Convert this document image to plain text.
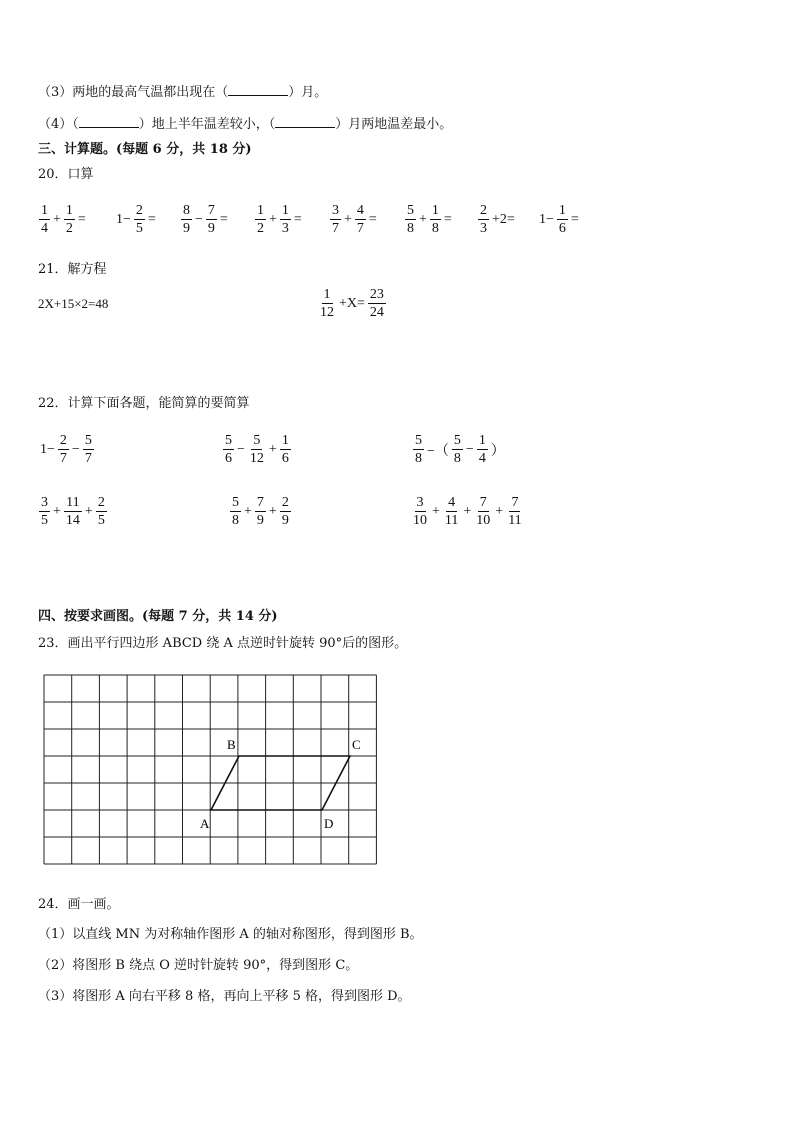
（3）两地的最高气温都出现在（	）月。
（4）（	）地上半年温差较小，（	）月两地温差最小。
三、计算题。(每题 6 分，共 18 分)
20．口算
$\frac{1}{4} + \frac{1}{2} = 1- \frac{2}{5} = \frac{8}{9} - \frac{7}{9} = \frac{1}{2} + \frac{1}{3} = \frac{3}{7} + \frac{4}{7} = \frac{5}{8} + \frac{1}{8} = \frac{2}{3} +2= 1- \frac{1}{6}$ =
21．解方程
2X+15×2=48	$\frac{1}{12} +X= \frac{23}{24}$
22．计算下面各题，能简算的要简算
$1- \frac{2}{7} - \frac{5}{7}$	$\frac{5}{6} - \frac{5}{12} + \frac{1}{6}$	$\frac{5}{8}$ −（ $\frac{5}{8} - \frac{1}{4}$ ）
$\frac{3}{5} + \frac{11}{14} + \frac{2}{5}$	$\frac{5}{8} + \frac{7}{9} + \frac{2}{9}$	$\frac{3}{10} + \frac{4}{11} + \frac{7}{10} + \frac{7}{11}$
四、按要求画图。(每题 7 分，共 14 分)
23．画出平行四边形 ABCD 绕 A 点逆时针旋转 90°后的图形。
A
B	C
D
24．画一画。
（1）以直线 MN 为对称轴作图形 A 的轴对称图形，得到图形 B。
（2）将图形 B 绕点 O 逆时针旋转 90°，得到图形 C。
（3）将图形 A 向右平移 8 格，再向上平移 5 格，得到图形 D。
